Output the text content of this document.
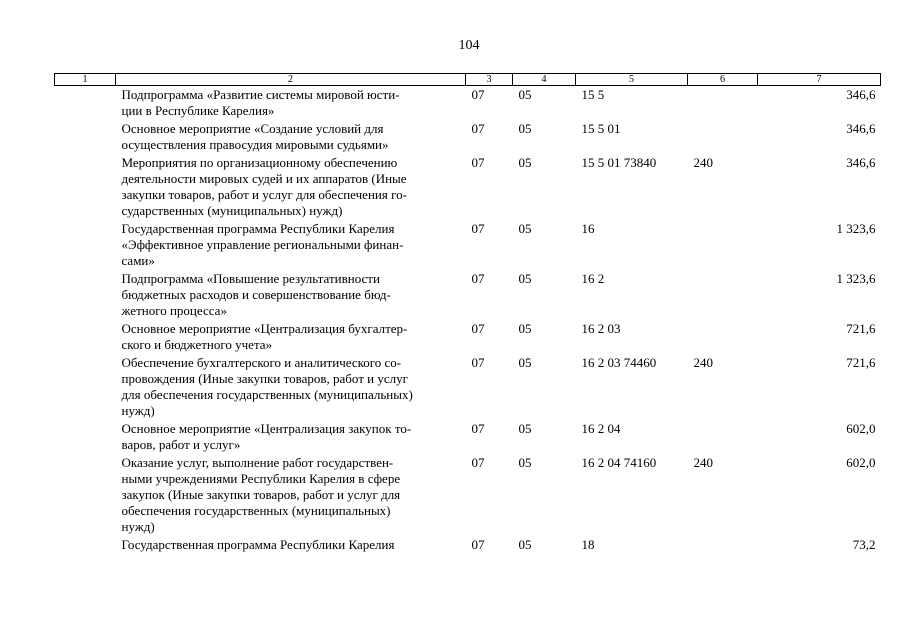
104
1	2	3	4	5	6	7
	Подпрограмма «Развитие системы мировой юсти-
ции в Республике Карелия»	07	05	15 5		346,6
	Основное мероприятие «Создание условий для
осуществления правосудия мировыми судьями»	07	05	15 5 01		346,6
	Мероприятия по организационному обеспечению
деятельности мировых судей и их аппаратов (Иные
закупки товаров, работ и услуг для обеспечения го-
сударственных (муниципальных) нужд)	07	05	15 5 01 73840	240	346,6
	Государственная программа Республики Карелия
«Эффективное управление региональными финан-
сами»	07	05	16		1 323,6
	Подпрограмма «Повышение результативности
бюджетных расходов и совершенствование бюд-
жетного процесса»	07	05	16 2		1 323,6
	Основное мероприятие «Централизация бухгалтер-
ского и бюджетного учета»	07	05	16 2 03		721,6
	Обеспечение бухгалтерского и аналитического со-
провождения (Иные закупки товаров, работ и услуг
для обеспечения государственных (муниципальных)
нужд)	07	05	16 2 03 74460	240	721,6
	Основное мероприятие «Централизация закупок то-
варов, работ и услуг»	07	05	16 2 04		602,0
	Оказание услуг, выполнение работ государствен-
ными учреждениями Республики Карелия в сфере
закупок (Иные закупки товаров, работ и услуг для
обеспечения государственных (муниципальных)
нужд)	07	05	16 2 04 74160	240	602,0
	Государственная программа Республики Карелия	07	05	18		73,2
